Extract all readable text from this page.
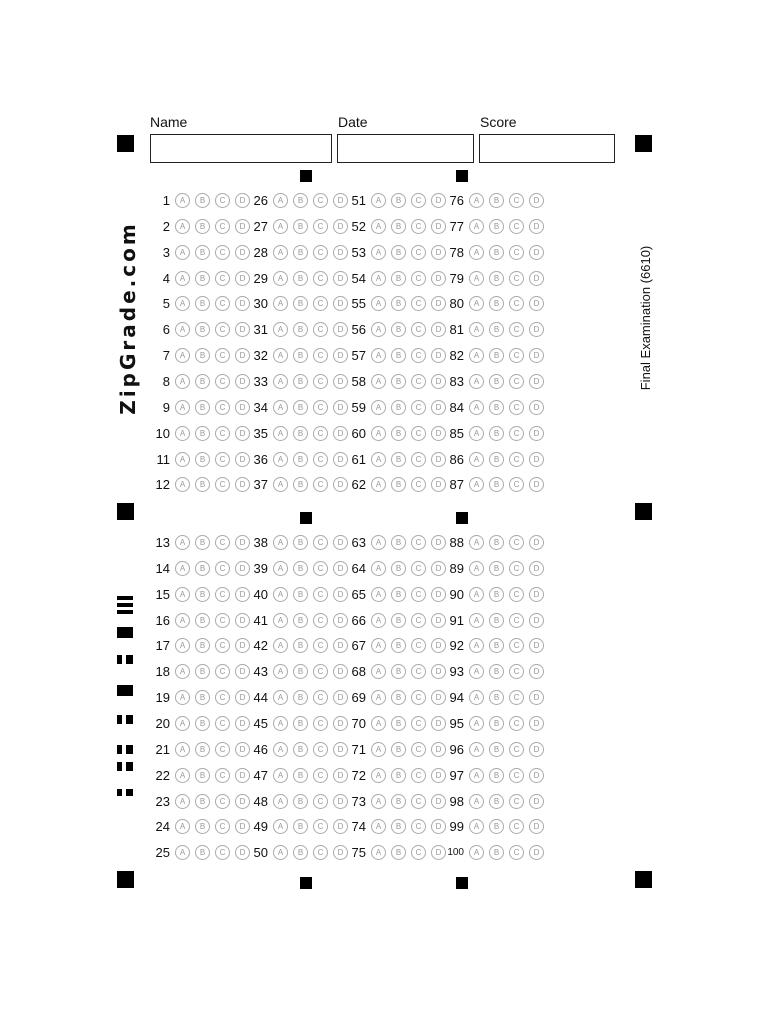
Name	Date	Score
ZipGrade.com	Final Examination (6610)
1	A	B	C	D
2	A	B	C	D
3	A	B	C	D
4	A	B	C	D
5	A	B	C	D
6	A	B	C	D
7	A	B	C	D
8	A	B	C	D
9	A	B	C	D
10	A	B	C	D
11	A	B	C	D
12	A	B	C	D
13	A	B	C	D
14	A	B	C	D
15	A	B	C	D
16	A	B	C	D
17	A	B	C	D
18	A	B	C	D
19	A	B	C	D
20	A	B	C	D
21	A	B	C	D
22	A	B	C	D
23	A	B	C	D
24	A	B	C	D
25	A	B	C	D
26	A	B	C	D
27	A	B	C	D
28	A	B	C	D
29	A	B	C	D
30	A	B	C	D
31	A	B	C	D
32	A	B	C	D
33	A	B	C	D
34	A	B	C	D
35	A	B	C	D
36	A	B	C	D
37	A	B	C	D
38	A	B	C	D
39	A	B	C	D
40	A	B	C	D
41	A	B	C	D
42	A	B	C	D
43	A	B	C	D
44	A	B	C	D
45	A	B	C	D
46	A	B	C	D
47	A	B	C	D
48	A	B	C	D
49	A	B	C	D
50	A	B	C	D
51	A	B	C	D
52	A	B	C	D
53	A	B	C	D
54	A	B	C	D
55	A	B	C	D
56	A	B	C	D
57	A	B	C	D
58	A	B	C	D
59	A	B	C	D
60	A	B	C	D
61	A	B	C	D
62	A	B	C	D
63	A	B	C	D
64	A	B	C	D
65	A	B	C	D
66	A	B	C	D
67	A	B	C	D
68	A	B	C	D
69	A	B	C	D
70	A	B	C	D
71	A	B	C	D
72	A	B	C	D
73	A	B	C	D
74	A	B	C	D
75	A	B	C	D
76	A	B	C	D
77	A	B	C	D
78	A	B	C	D
79	A	B	C	D
80	A	B	C	D
81	A	B	C	D
82	A	B	C	D
83	A	B	C	D
84	A	B	C	D
85	A	B	C	D
86	A	B	C	D
87	A	B	C	D
88	A	B	C	D
89	A	B	C	D
90	A	B	C	D
91	A	B	C	D
92	A	B	C	D
93	A	B	C	D
94	A	B	C	D
95	A	B	C	D
96	A	B	C	D
97	A	B	C	D
98	A	B	C	D
99	A	B	C	D
100	A	B	C	D
